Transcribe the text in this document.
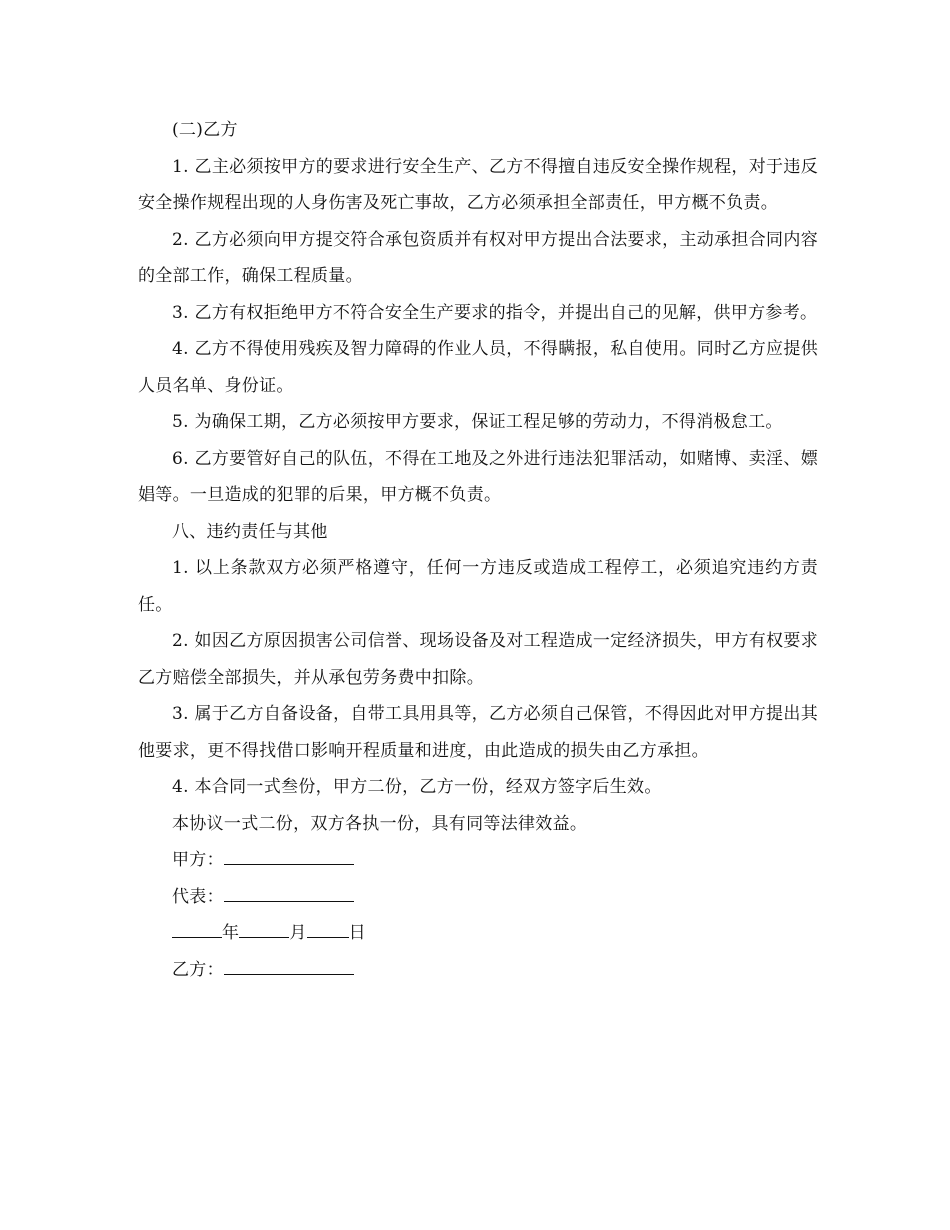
(二)乙方

1. 乙主必须按甲方的要求进行安全生产、乙方不得擅自违反安全操作规程，对于违反安全操作规程出现的人身伤害及死亡事故，乙方必须承担全部责任，甲方概不负责。

2. 乙方必须向甲方提交符合承包资质并有权对甲方提出合法要求，主动承担合同内容的全部工作，确保工程质量。

3. 乙方有权拒绝甲方不符合安全生产要求的指令，并提出自己的见解，供甲方参考。

4. 乙方不得使用残疾及智力障碍的作业人员，不得瞒报，私自使用。同时乙方应提供人员名单、身份证。

5. 为确保工期，乙方必须按甲方要求，保证工程足够的劳动力，不得消极怠工。

6. 乙方要管好自己的队伍，不得在工地及之外进行违法犯罪活动，如赌博、卖淫、嫖娼等。一旦造成的犯罪的后果，甲方概不负责。

八、违约责任与其他

1. 以上条款双方必须严格遵守，任何一方违反或造成工程停工，必须追究违约方责任。

2. 如因乙方原因损害公司信誉、现场设备及对工程造成一定经济损失，甲方有权要求乙方赔偿全部损失，并从承包劳务费中扣除。

3. 属于乙方自备设备，自带工具用具等，乙方必须自己保管，不得因此对甲方提出其他要求，更不得找借口影响开程质量和进度，由此造成的损失由乙方承担。

4. 本合同一式叁份，甲方二份，乙方一份，经双方签字后生效。

本协议一式二份，双方各执一份，具有同等法律效益。

甲方：

代表：

年	月 日

乙方：
